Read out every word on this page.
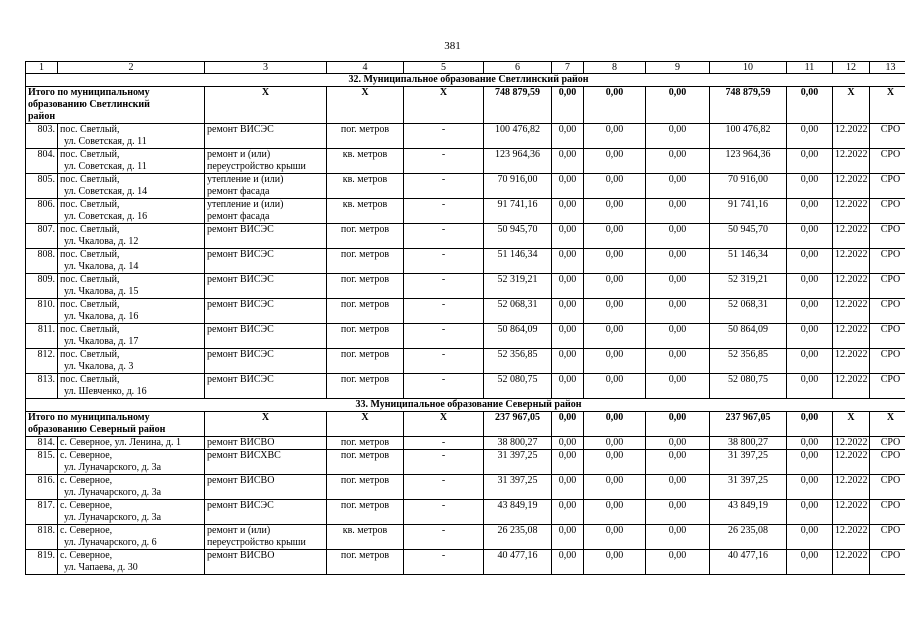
381
1	2	3	4	5	6	7	8	9	10	11	12	13
32. Муниципальное образование Светлинский район												

Итого по муниципальному
образованию Светлинский
район		Х	Х	Х	748 879,59	0,00	0,00	0,00	748 879,59	0,00	Х	Х
803.	пос. Светлый,
ул. Советская, д. 11	ремонт ВИСЭС	пог. метров	-	100 476,82	0,00	0,00	0,00	100 476,82	0,00	12.2022	СРО
804.	пос. Светлый,
ул. Советская, д. 11	ремонт и (или)
переустройство крыши	кв. метров	-	123 964,36	0,00	0,00	0,00	123 964,36	0,00	12.2022	СРО
805.	пос. Светлый,
ул. Советская, д. 14	утепление и (или)
ремонт фасада	кв. метров	-	70 916,00	0,00	0,00	0,00	70 916,00	0,00	12.2022	СРО
806.	пос. Светлый,
ул. Советская, д. 16	утепление и (или)
ремонт фасада	кв. метров	-	91 741,16	0,00	0,00	0,00	91 741,16	0,00	12.2022	СРО
807.	пос. Светлый,
ул. Чкалова, д. 12	ремонт ВИСЭС	пог. метров	-	50 945,70	0,00	0,00	0,00	50 945,70	0,00	12.2022	СРО
808.	пос. Светлый,
ул. Чкалова, д. 14	ремонт ВИСЭС	пог. метров	-	51 146,34	0,00	0,00	0,00	51 146,34	0,00	12.2022	СРО
809.	пос. Светлый,
ул. Чкалова, д. 15	ремонт ВИСЭС	пог. метров	-	52 319,21	0,00	0,00	0,00	52 319,21	0,00	12.2022	СРО
810.	пос. Светлый,
ул. Чкалова, д. 16	ремонт ВИСЭС	пог. метров	-	52 068,31	0,00	0,00	0,00	52 068,31	0,00	12.2022	СРО
811.	пос. Светлый,
ул. Чкалова, д. 17	ремонт ВИСЭС	пог. метров	-	50 864,09	0,00	0,00	0,00	50 864,09	0,00	12.2022	СРО
812.	пос. Светлый,
ул. Чкалова, д. 3	ремонт ВИСЭС	пог. метров	-	52 356,85	0,00	0,00	0,00	52 356,85	0,00	12.2022	СРО
813.	пос. Светлый,
ул. Шевченко, д. 16	ремонт ВИСЭС	пог. метров	-	52 080,75	0,00	0,00	0,00	52 080,75	0,00	12.2022	СРО
33. Муниципальное образование Северный район												

Итого по муниципальному
образованию Северный район		Х	Х	Х	237 967,05	0,00	0,00	0,00	237 967,05	0,00	Х	Х
814.	с. Северное, ул. Ленина, д. 1	ремонт ВИСВО	пог. метров	-	38 800,27	0,00	0,00	0,00	38 800,27	0,00	12.2022	СРО
815.	с. Северное,
ул. Луначарского, д. 3а	ремонт ВИСХВС	пог. метров	-	31 397,25	0,00	0,00	0,00	31 397,25	0,00	12.2022	СРО
816.	с. Северное,
ул. Луначарского, д. 3а	ремонт ВИСВО	пог. метров	-	31 397,25	0,00	0,00	0,00	31 397,25	0,00	12.2022	СРО
817.	с. Северное,
ул. Луначарского, д. 3а	ремонт ВИСЭС	пог. метров	-	43 849,19	0,00	0,00	0,00	43 849,19	0,00	12.2022	СРО
818.	с. Северное,
ул. Луначарского, д. 6	ремонт и (или)
переустройство крыши	кв. метров	-	26 235,08	0,00	0,00	0,00	26 235,08	0,00	12.2022	СРО
819.	с. Северное,
ул. Чапаева, д. 30	ремонт ВИСВО	пог. метров	-	40 477,16	0,00	0,00	0,00	40 477,16	0,00	12.2022	СРО
